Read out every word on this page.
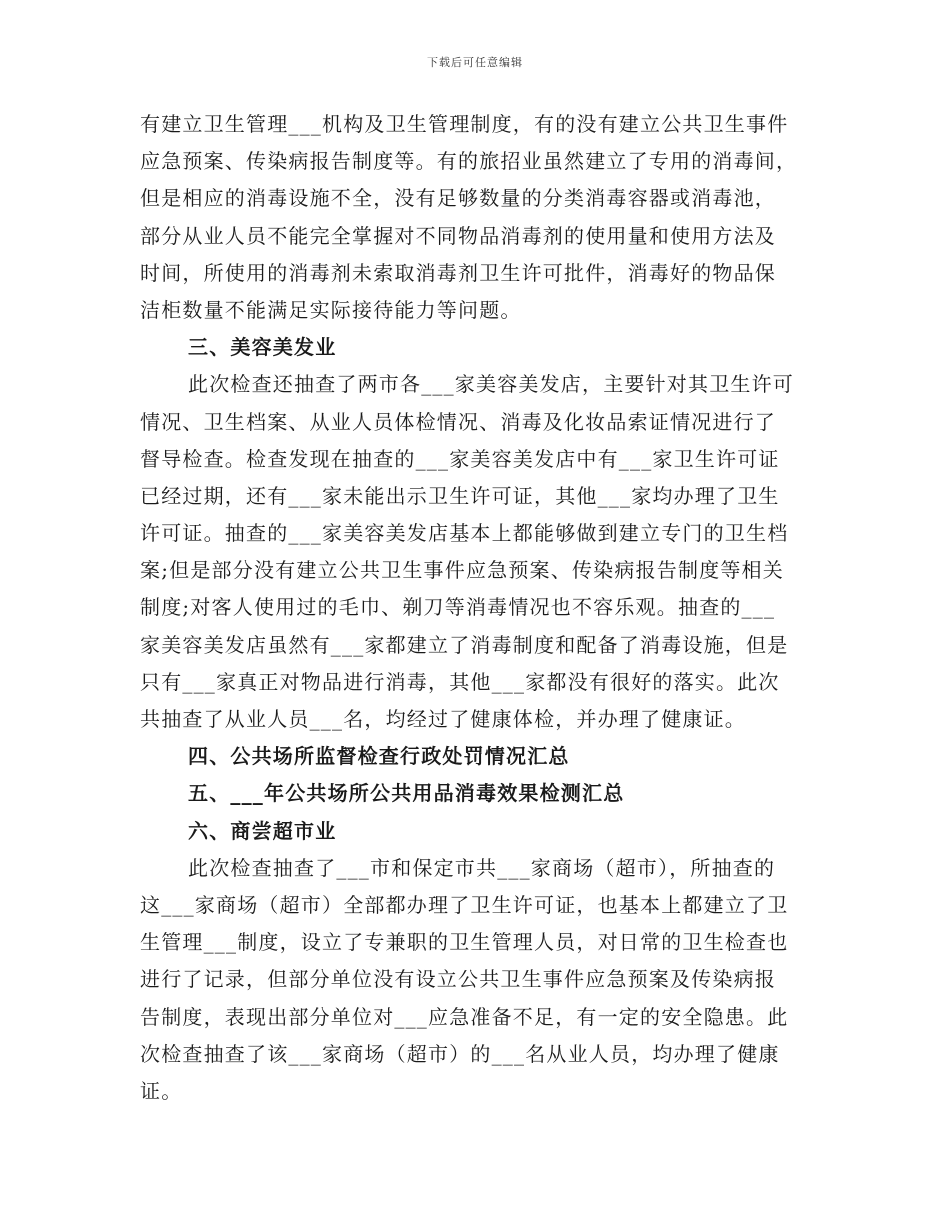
下载后可任意编辑
有建立卫生管理___机构及卫生管理制度，有的没有建立公共卫生事件
应急预案、传染病报告制度等。有的旅招业虽然建立了专用的消毒间，
但是相应的消毒设施不全，没有足够数量的分类消毒容器或消毒池，
部分从业人员不能完全掌握对不同物品消毒剂的使用量和使用方法及
时间，所使用的消毒剂未索取消毒剂卫生许可批件，消毒好的物品保
洁柜数量不能满足实际接待能力等问题。
三、美容美发业
此次检查还抽查了两市各___家美容美发店，主要针对其卫生许可
情况、卫生档案、从业人员体检情况、消毒及化妆品索证情况进行了
督导检查。检查发现在抽查的___家美容美发店中有___家卫生许可证
已经过期，还有___家未能出示卫生许可证，其他___家均办理了卫生
许可证。抽查的___家美容美发店基本上都能够做到建立专门的卫生档
案;但是部分没有建立公共卫生事件应急预案、传染病报告制度等相关
制度;对客人使用过的毛巾、剃刀等消毒情况也不容乐观。抽查的___
家美容美发店虽然有___家都建立了消毒制度和配备了消毒设施，但是
只有___家真正对物品进行消毒，其他___家都没有很好的落实。此次
共抽查了从业人员___名，均经过了健康体检，并办理了健康证。
四、公共场所监督检查行政处罚情况汇总
五、___年公共场所公共用品消毒效果检测汇总
六、商尝超市业
此次检查抽查了___市和保定市共___家商场（超市），所抽查的
这___家商场（超市）全部都办理了卫生许可证，也基本上都建立了卫
生管理___制度，设立了专兼职的卫生管理人员，对日常的卫生检查也
进行了记录，但部分单位没有设立公共卫生事件应急预案及传染病报
告制度，表现出部分单位对___应急准备不足，有一定的安全隐患。此
次检查抽查了该___家商场（超市）的___名从业人员，均办理了健康
证。
